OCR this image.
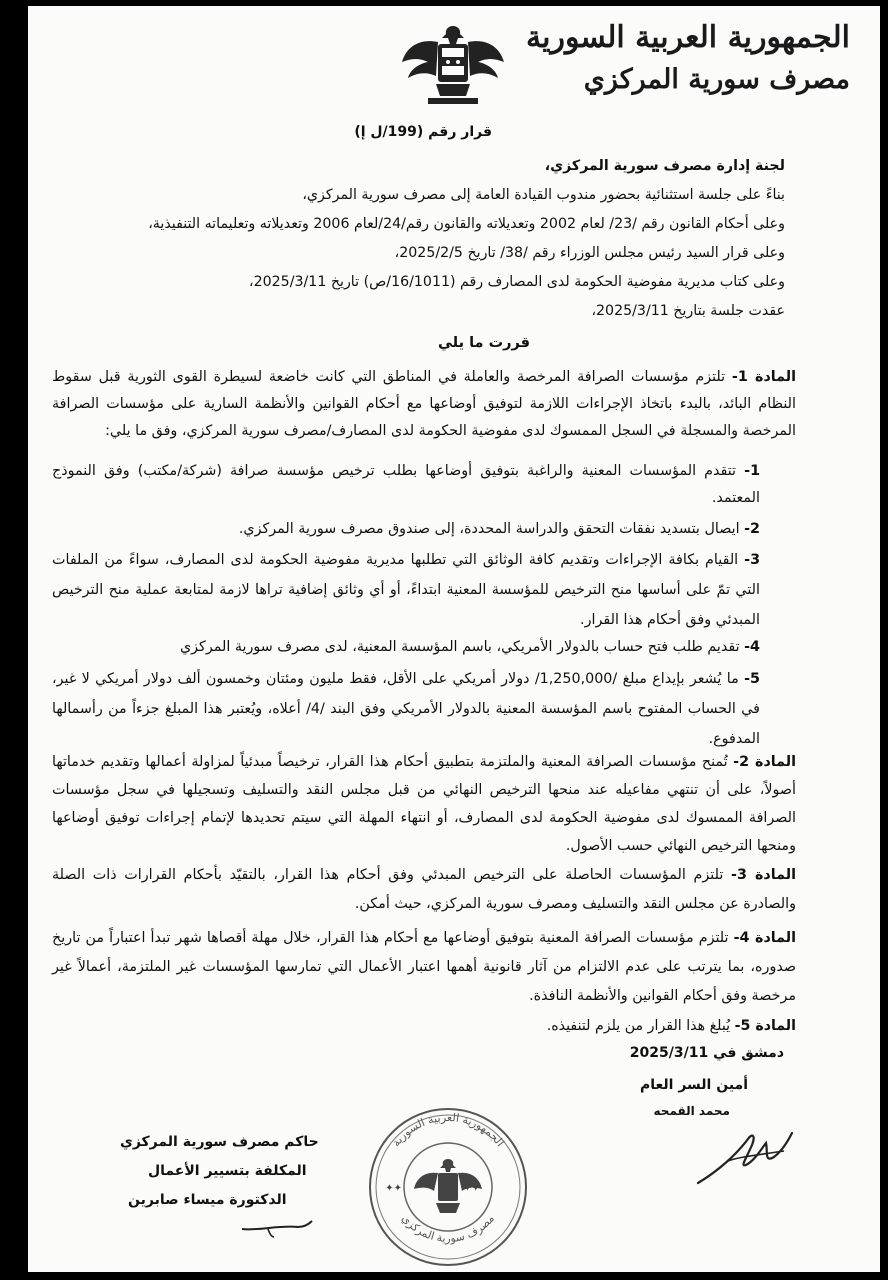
الجمهورية العربية السورية
مصرف سورية المركزي
قرار رقم (199/ل إ)
لجنة إدارة مصرف سورية المركزي،
بناءً على جلسة استثنائية بحضور مندوب القيادة العامة إلى مصرف سورية المركزي،
وعلى أحكام القانون رقم /23/ لعام 2002 وتعديلاته والقانون رقم/24/لعام 2006 وتعديلاته وتعليماته التنفيذية،
وعلى قرار السيد رئيس مجلس الوزراء رقم /38/ تاريخ 2025/2/5،
وعلى كتاب مديرية مفوضية الحكومة لدى المصارف رقم (16/1011/ص) تاريخ 2025/3/11،
عقدت جلسة بتاريخ 2025/3/11،
قررت ما يلي
المادة 1- تلتزم مؤسسات الصرافة المرخصة والعاملة في المناطق التي كانت خاضعة لسيطرة القوى الثورية قبل سقوط النظام البائد، بالبدء باتخاذ الإجراءات اللازمة لتوفيق أوضاعها مع أحكام القوانين والأنظمة السارية على مؤسسات الصرافة المرخصة والمسجلة في السجل الممسوك لدى مفوضية الحكومة لدى المصارف/مصرف سورية المركزي، وفق ما يلي:
1- تتقدم المؤسسات المعنية والراغبة بتوفيق أوضاعها بطلب ترخيص مؤسسة صرافة (شركة/مكتب) وفق النموذج المعتمد.
2- ايصال بتسديد نفقات التحقق والدراسة المحددة، إلى صندوق مصرف سورية المركزي.
3- القيام بكافة الإجراءات وتقديم كافة الوثائق التي تطلبها مديرية مفوضية الحكومة لدى المصارف، سواءً من الملفات التي تمّ على أساسها منح الترخيص للمؤسسة المعنية ابتداءً، أو أي وثائق إضافية تراها لازمة لمتابعة عملية منح الترخيص المبدئي وفق أحكام هذا القرار.
4- تقديم طلب فتح حساب بالدولار الأمريكي، باسم المؤسسة المعنية، لدى مصرف سورية المركزي
5- ما يُشعر بإيداع مبلغ /1,250,000/ دولار أمريكي على الأقل، فقط مليون ومئتان وخمسون ألف دولار أمريكي لا غير، في الحساب المفتوح باسم المؤسسة المعنية بالدولار الأمريكي وفق البند /4/ أعلاه، ويُعتبر هذا المبلغ جزءاً من رأسمالها المدفوع.
المادة 2- تُمنح مؤسسات الصرافة المعنية والملتزمة بتطبيق أحكام هذا القرار، ترخيصاً مبدئياً لمزاولة أعمالها وتقديم خدماتها أصولاً، على أن تنتهي مفاعيله عند منحها الترخيص النهائي من قبل مجلس النقد والتسليف وتسجيلها في سجل مؤسسات الصرافة الممسوك لدى مفوضية الحكومة لدى المصارف، أو انتهاء المهلة التي سيتم تحديدها لإتمام إجراءات توفيق أوضاعها ومنحها الترخيص النهائي حسب الأصول.
المادة 3- تلتزم المؤسسات الحاصلة على الترخيص المبدئي وفق أحكام هذا القرار، بالتقيّد بأحكام القرارات ذات الصلة والصادرة عن مجلس النقد والتسليف ومصرف سورية المركزي، حيث أمكن.
المادة 4- تلتزم مؤسسات الصرافة المعنية بتوفيق أوضاعها مع أحكام هذا القرار، خلال مهلة أقصاها شهر تبدأ اعتباراً من تاريخ صدوره، بما يترتب على عدم الالتزام من آثار قانونية أهمها اعتبار الأعمال التي تمارسها المؤسسات غير الملتزمة، أعمالاً غير مرخصة وفق أحكام القوانين والأنظمة النافذة.
المادة 5- يُبلغ هذا القرار من يلزم لتنفيذه.
دمشق في 2025/3/11
أمين السر العام
محمد القمحه
حاكم مصرف سورية المركزي
المكلفة بتسيير الأعمال
الدكتورة ميساء صابرين
الجمهورية العربية السورية
مصرف سورية المركزي
✦✦	✦✦
